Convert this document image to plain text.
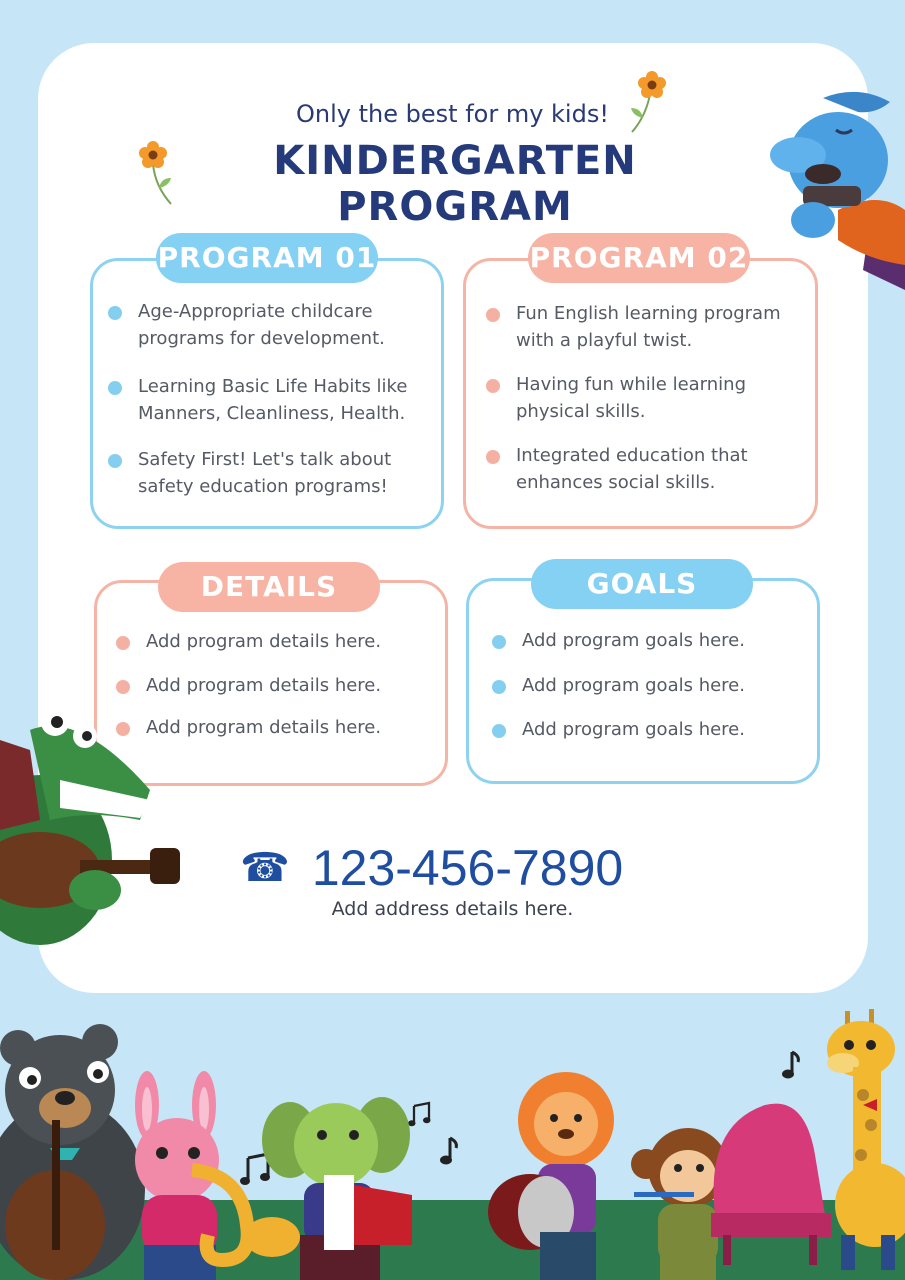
Only the best for my kids!
KINDERGARTEN PROGRAM
PROGRAM 01
Age-Appropriate childcare programs for development.
Learning Basic Life Habits like Manners, Cleanliness, Health.
Safety First! Let's talk about safety education programs!
PROGRAM 02
Fun English learning program with a playful twist.
Having fun while learning physical skills.
Integrated education that enhances social skills.
DETAILS
Add program details here.
Add program details here.
Add program details here.
GOALS
Add program goals here.
Add program goals here.
Add program goals here.
☎ 123-456-7890
Add address details here.
